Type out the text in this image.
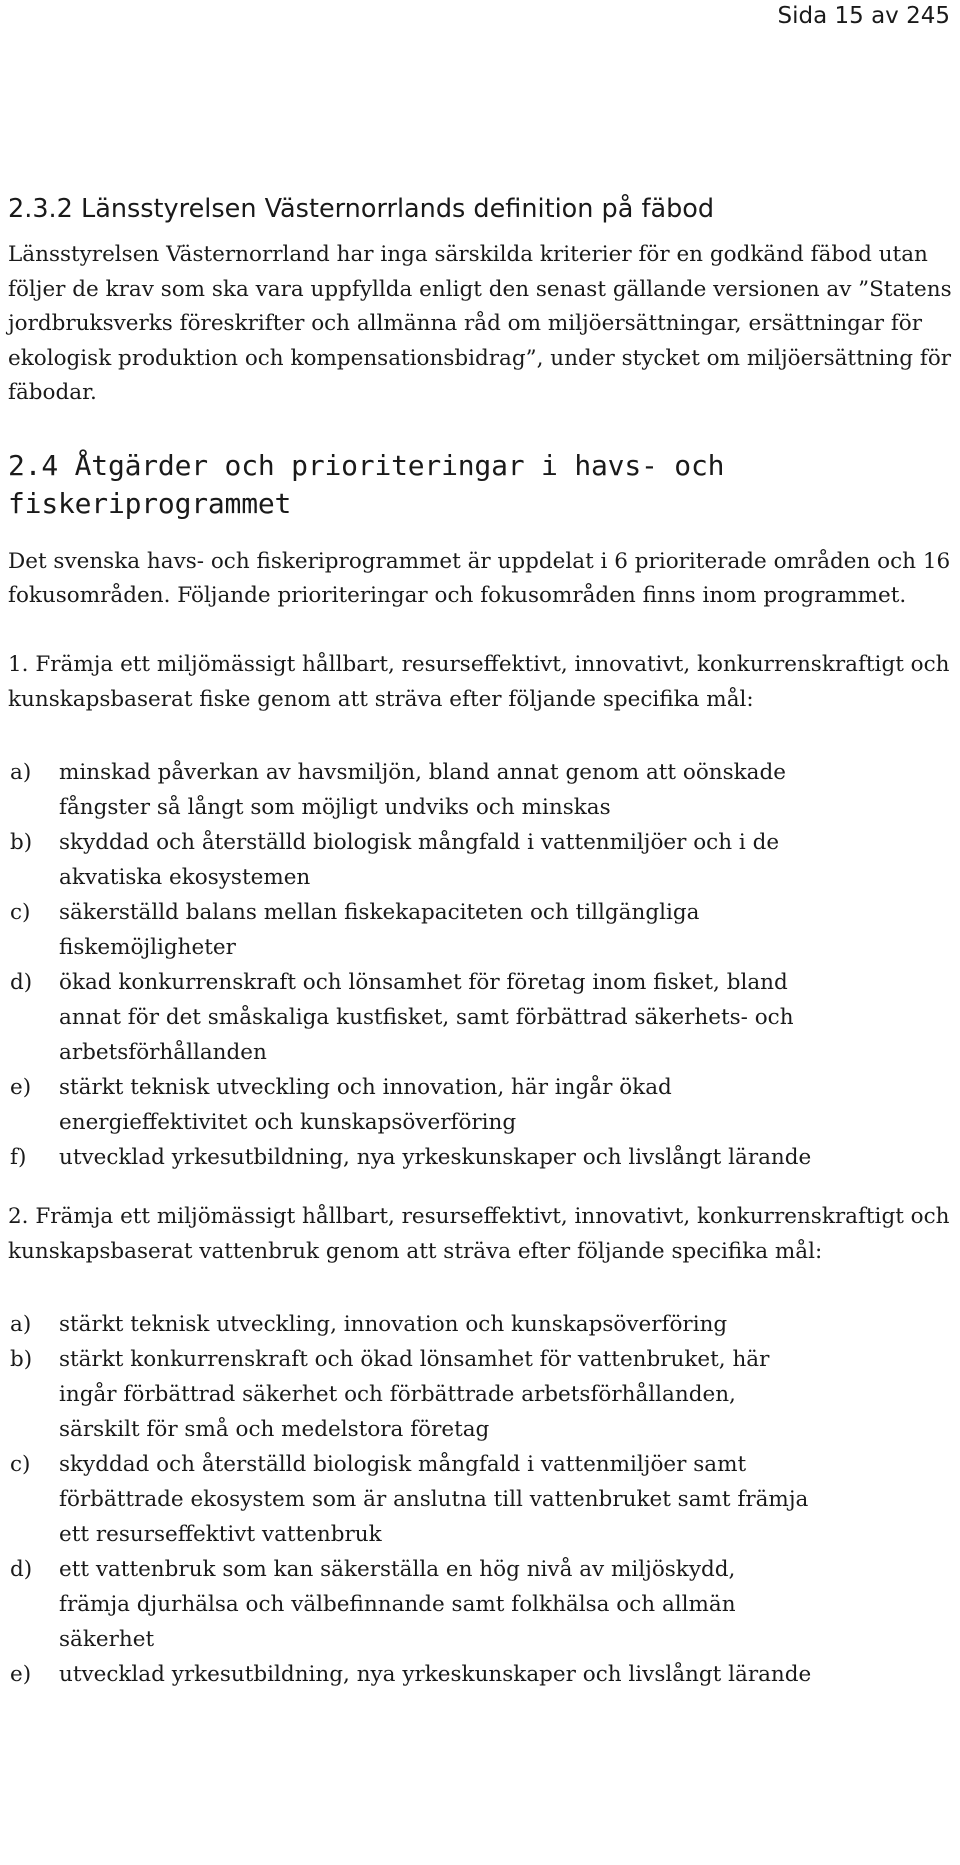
Sida 15 av 245
2.3.2 Länsstyrelsen Västernorrlands definition på fäbod

Länsstyrelsen Västernorrland har inga särskilda kriterier för en godkänd fäbod utan följer de krav som ska vara uppfyllda enligt den senast gällande versionen av ”Statens jordbruksverks föreskrifter och allmänna råd om miljöersättningar, ersättningar för ekologisk produktion och kompensationsbidrag”, under stycket om miljöersättning för fäbodar.

2.4 Åtgärder och prioriteringar i havs- och fiskeriprogrammet

Det svenska havs- och fiskeriprogrammet är uppdelat i 6 prioriterade områden och 16 fokusområden. Följande prioriteringar och fokusområden finns inom programmet.

1. Främja ett miljömässigt hållbart, resurseffektivt, innovativt, konkurrenskraftigt och kunskapsbaserat fiske genom att sträva efter följande specifika mål:

a)	minskad påverkan av havsmiljön, bland annat genom att oönskade
fångster så långt som möjligt undviks och minskas
b)	skyddad och återställd biologisk mångfald i vattenmiljöer och i de
akvatiska ekosystemen
c)	säkerställd balans mellan fiskekapaciteten och tillgängliga
fiskemöjligheter
d)	ökad konkurrenskraft och lönsamhet för företag inom fisket, bland
annat för det småskaliga kustfisket, samt förbättrad säkerhets- och
arbetsförhållanden
e)	stärkt teknisk utveckling och innovation, här ingår ökad
energieffektivitet och kunskapsöverföring
f)	utvecklad yrkesutbildning, nya yrkeskunskaper och livslångt lärande

2. Främja ett miljömässigt hållbart, resurseffektivt, innovativt, konkurrenskraftigt och kunskapsbaserat vattenbruk genom att sträva efter följande specifika mål:

a)	stärkt teknisk utveckling, innovation och kunskapsöverföring
b)	stärkt konkurrenskraft och ökad lönsamhet för vattenbruket, här
ingår förbättrad säkerhet och förbättrade arbetsförhållanden,
särskilt för små och medelstora företag
c)	skyddad och återställd biologisk mångfald i vattenmiljöer samt
förbättrade ekosystem som är anslutna till vattenbruket samt främja
ett resurseffektivt vattenbruk
d)	ett vattenbruk som kan säkerställa en hög nivå av miljöskydd,
främja djurhälsa och välbefinnande samt folkhälsa och allmän
säkerhet
e)	utvecklad yrkesutbildning, nya yrkeskunskaper och livslångt lärande
